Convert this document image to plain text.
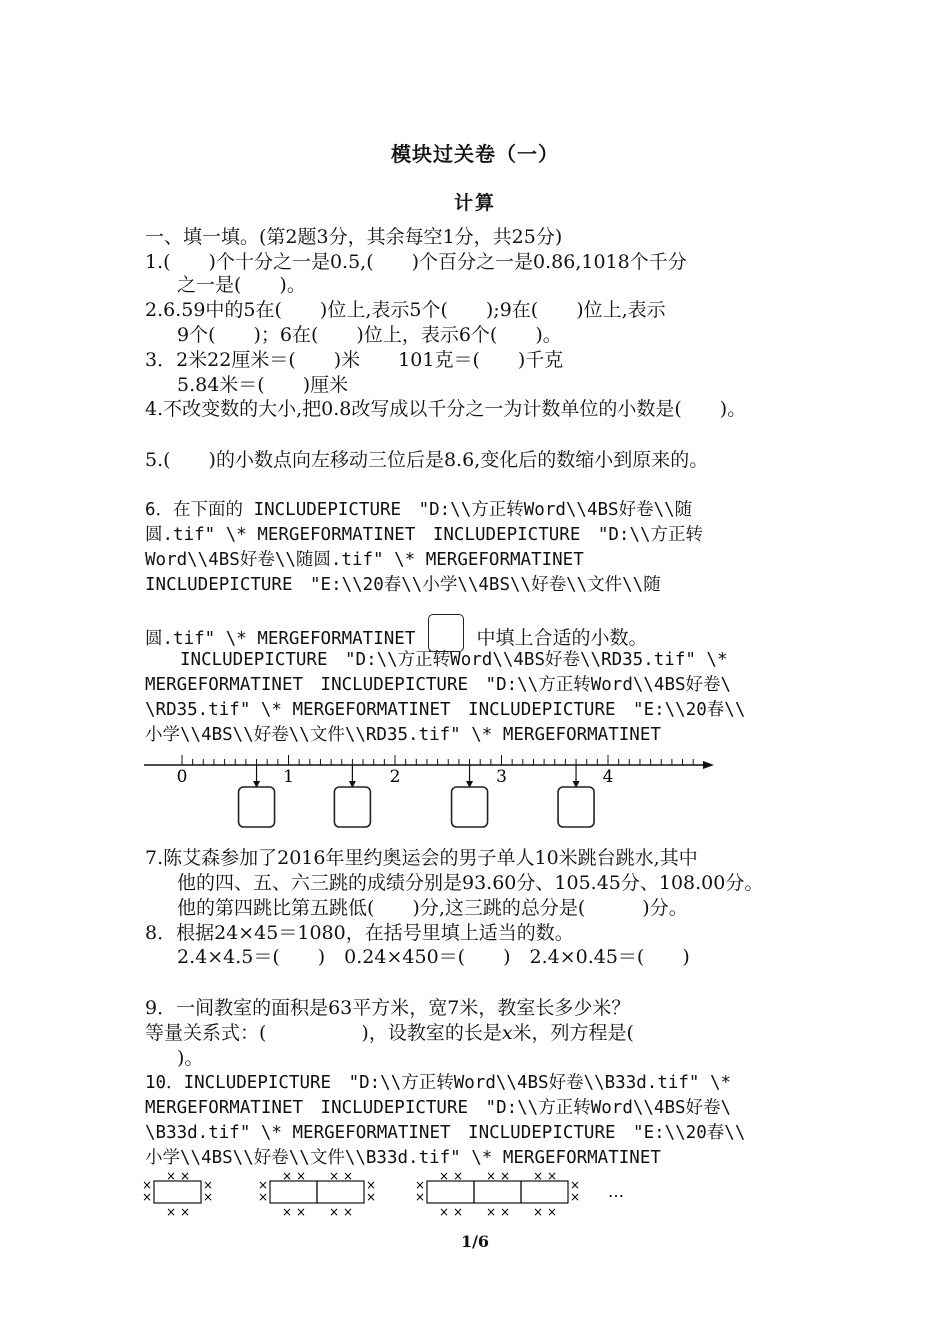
模块过关卷（一）
计算
一、填一填。(第2题3分，其余每空1分，共25分)
1.(　　)个十分之一是0.5,(　　)个百分之一是0.86,1018个千分
之一是(　　)。
2.6.59中的5在(　　)位上,表示5个(　　);9在(　　)位上,表示
9个(　　)；6在(　　)位上，表示6个(　　)。
3．2米22厘米＝(　　)米　　101克＝(　　)千克
5.84米＝(　　)厘米
4.不改变数的大小,把0.8改写成以千分之一为计数单位的小数是(　　)。
5.(　　)的小数点向左移动三位后是8.6,变化后的数缩小到原来的。
6．在下面的 INCLUDEPICTURE　"D:\\方正转Word\\4BS好卷\\随
圆.tif" \* MERGEFORMATINET　INCLUDEPICTURE　"D:\\方正转
Word\\4BS好卷\\随圆.tif" \* MERGEFORMATINET
INCLUDEPICTURE　"E:\\20春\\小学\\4BS\\好卷\\文件\\随
圆.tif" \* MERGEFORMATINET	中填上合适的小数。
　　INCLUDEPICTURE　"D:\\方正转Word\\4BS好卷\\RD35.tif" \*
MERGEFORMATINET　INCLUDEPICTURE　"D:\\方正转Word\\4BS好卷\
\RD35.tif" \* MERGEFORMATINET　INCLUDEPICTURE　"E:\\20春\\
小学\\4BS\\好卷\\文件\\RD35.tif" \* MERGEFORMATINET
0	1	2	3	4
7.陈艾森参加了2016年里约奥运会的男子单人10米跳台跳水,其中
他的四、五、六三跳的成绩分别是93.60分、105.45分、108.00分。
他的第四跳比第五跳低(　　)分,这三跳的总分是(　　　)分。
8．根据24×45＝1080，在括号里填上适当的数。
2.4×4.5＝(　　)　0.24×450＝(　　)　2.4×0.45＝(　　)
9．一间教室的面积是63平方米，宽7米，教室长多少米？
等量关系式：(　　　　　)，设教室的长是x米，列方程是(
)。
10．INCLUDEPICTURE　"D:\\方正转Word\\4BS好卷\\B33d.tif" \*
MERGEFORMATINET　INCLUDEPICTURE　"D:\\方正转Word\\4BS好卷\
\B33d.tif" \* MERGEFORMATINET　INCLUDEPICTURE　"E:\\20春\\
小学\\4BS\\好卷\\文件\\B33d.tif" \* MERGEFORMATINET
× ×
× ×
×
×
×
×
× ×
× ×
× ×
× ×
×
×
×
×
× ×
× ×
× ×
× ×
× ×
× ×
×
×
×
× …
1/6
